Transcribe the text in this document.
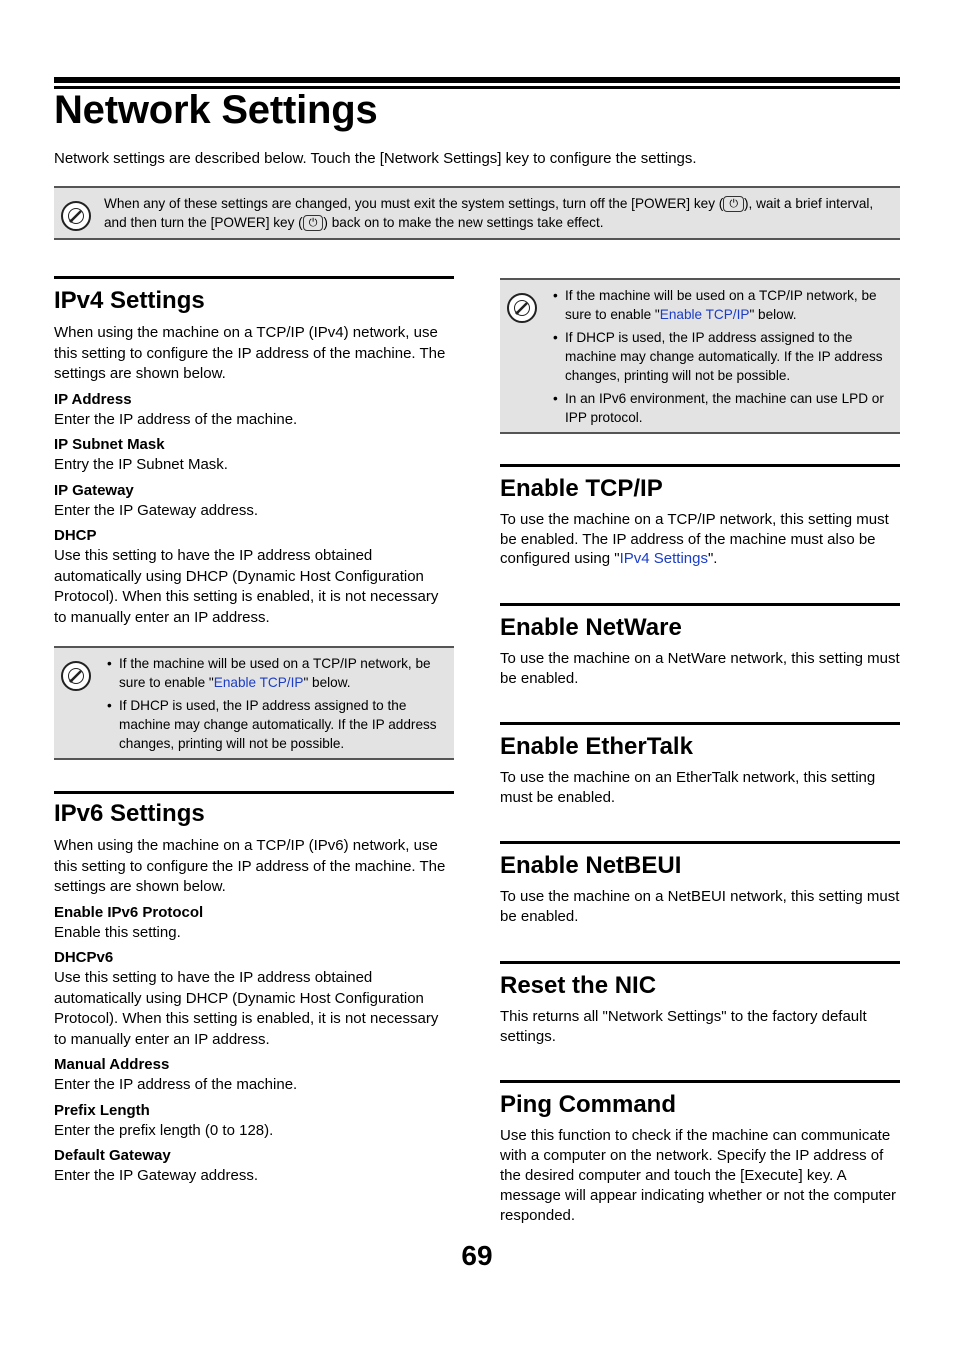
Network Settings
Network settings are described below. Touch the [Network Settings] key to configure the settings.
When any of these settings are changed, you must exit the system settings, turn off the [POWER] key ( ⏻ ), wait a brief interval, and then turn the [POWER] key ( ⏻ ) back on to make the new settings take effect.
IPv4 Settings

When using the machine on a TCP/IP (IPv4) network, use this setting to configure the IP address of the machine. The settings are shown below.

IP Address

Enter the IP address of the machine.

IP Subnet Mask

Entry the IP Subnet Mask.

IP Gateway

Enter the IP Gateway address.

DHCP

Use this setting to have the IP address obtained automatically using DHCP (Dynamic Host Configuration Protocol). When this setting is enabled, it is not necessary to manually enter an IP address.

• If the machine will be used on a TCP/IP network, be sure to enable "Enable TCP/IP" below.
• If DHCP is used, the IP address assigned to the machine may change automatically. If the IP address changes, printing will not be possible.
IPv6 Settings

When using the machine on a TCP/IP (IPv6) network, use this setting to configure the IP address of the machine. The settings are shown below.

Enable IPv6 Protocol

Enable this setting.

DHCPv6

Use this setting to have the IP address obtained automatically using DHCP (Dynamic Host Configuration Protocol). When this setting is enabled, it is not necessary to manually enter an IP address.

Manual Address

Enter the IP address of the machine.

Prefix Length

Enter the prefix length (0 to 128).

Default Gateway

Enter the IP Gateway address.

• If the machine will be used on a TCP/IP network, be sure to enable "Enable TCP/IP" below.
• If DHCP is used, the IP address assigned to the machine may change automatically. If the IP address changes, printing will not be possible.
• In an IPv6 environment, the machine can use LPD or IPP protocol.
Enable TCP/IP

To use the machine on a TCP/IP network, this setting must be enabled. The IP address of the machine must also be configured using "IPv4 Settings".

Enable NetWare

To use the machine on a NetWare network, this setting must be enabled.

Enable EtherTalk

To use the machine on an EtherTalk network, this setting must be enabled.

Enable NetBEUI

To use the machine on a NetBEUI network, this setting must be enabled.

Reset the NIC

This returns all "Network Settings" to the factory default settings.

Ping Command

Use this function to check if the machine can communicate with a computer on the network. Specify the IP address of the desired computer and touch the [Execute] key. A message will appear indicating whether or not the computer responded.

69
